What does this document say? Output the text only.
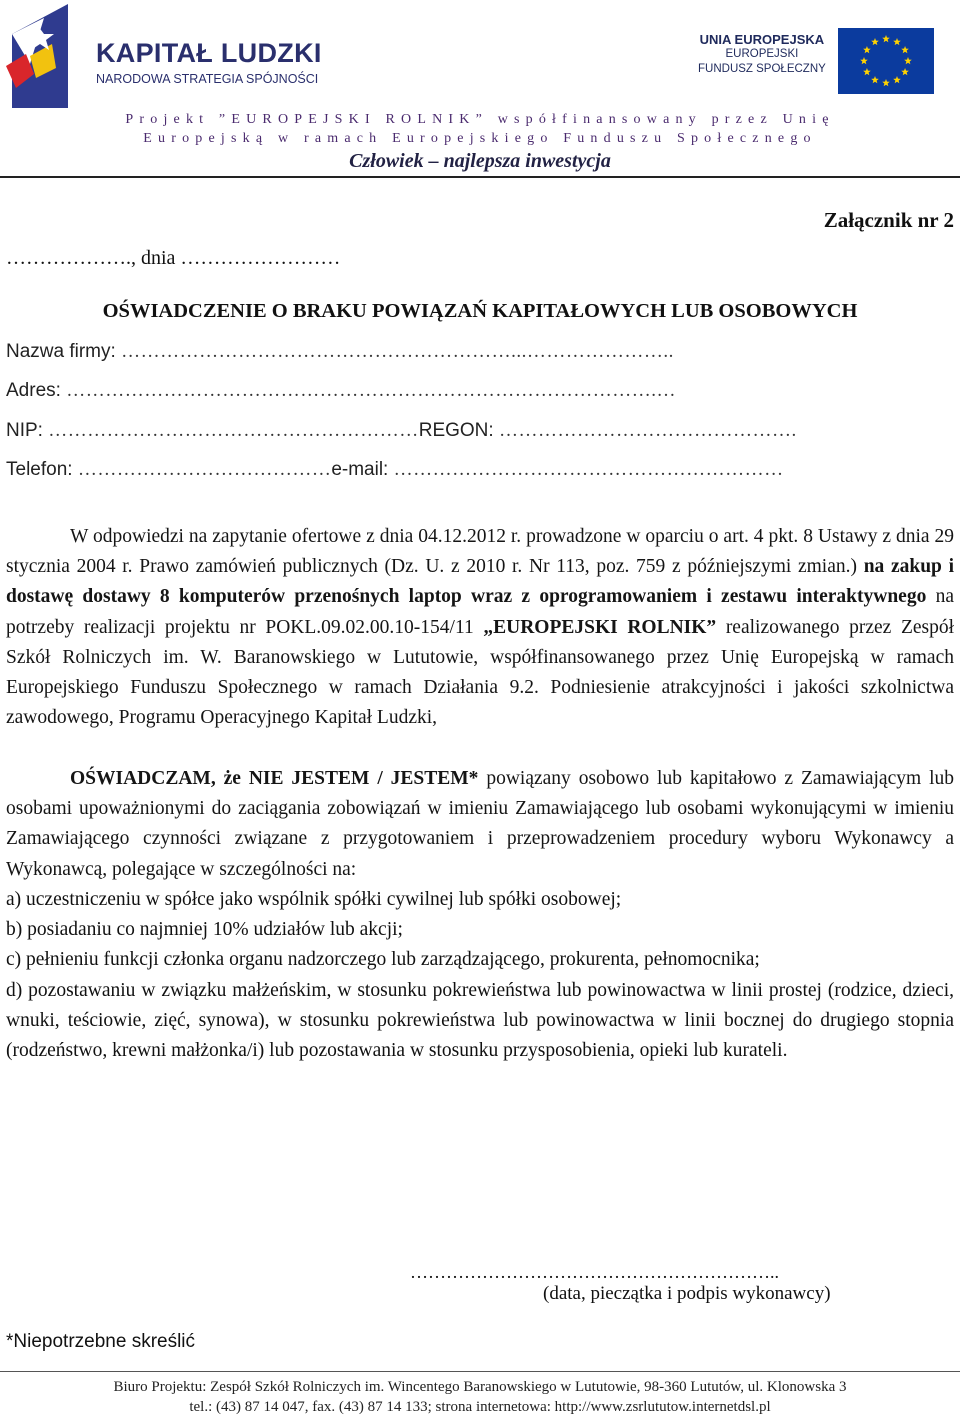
KAPITAŁ LUDZKI
NARODOWA STRATEGIA SPÓJNOŚCI
UNIA EUROPEJSKA
EUROPEJSKI
FUNDUSZ SPOŁECZNY
Projekt ”EUROPEJSKI ROLNIK” współfinansowany przez Unię
Europejską w ramach Europejskiego Funduszu Społecznego
Człowiek – najlepsza inwestycja
Załącznik nr 2
………………., dnia ……………………
OŚWIADCZENIE O BRAKU POWIĄZAŃ KAPITAŁOWYCH LUB OSOBOWYCH
Nazwa firmy: ……………………………………………………...…………………..
Adres: ……………………………………………………………………………….…
NIP: …………………………………………………REGON: ……………………………………….
Telefon: …………………………………e-mail: ……………………………………………………
W odpowiedzi na zapytanie ofertowe z dnia 04.12.2012 r. prowadzone w oparciu o art. 4 pkt. 8 Ustawy z dnia 29 stycznia 2004 r. Prawo zamówień publicznych (Dz. U. z 2010 r. Nr 113, poz. 759 z późniejszymi zmian.) na zakup i dostawę dostawy 8 komputerów przenośnych laptop wraz z oprogramowaniem i zestawu interaktywnego na potrzeby realizacji projektu nr POKL.09.02.00.10-154/11 „EUROPEJSKI ROLNIK” realizowanego przez Zespół Szkół Rolniczych im. W. Baranowskiego w Lututowie, współfinansowanego przez Unię Europejską w ramach Europejskiego Funduszu Społecznego w ramach Działania 9.2. Podniesienie atrakcyjności i jakości szkolnictwa zawodowego, Programu Operacyjnego Kapitał Ludzki,
OŚWIADCZAM, że NIE JESTEM / JESTEM* powiązany osobowo lub kapitałowo z Zamawiającym lub osobami upoważnionymi do zaciągania zobowiązań w imieniu Zamawiającego lub osobami wykonującymi w imieniu Zamawiającego czynności związane z przygotowaniem i przeprowadzeniem procedury wyboru Wykonawcy a Wykonawcą, polegające w szczególności na:
a) uczestniczeniu w spółce jako wspólnik spółki cywilnej lub spółki osobowej;
b) posiadaniu co najmniej 10% udziałów lub akcji;
c) pełnieniu funkcji członka organu nadzorczego lub zarządzającego, prokurenta, pełnomocnika;
d) pozostawaniu w związku małżeńskim, w stosunku pokrewieństwa lub powinowactwa w linii prostej (rodzice, dzieci, wnuki, teściowie, zięć, synowa), w stosunku pokrewieństwa lub powinowactwa w linii bocznej do drugiego stopnia (rodzeństwo, krewni małżonka/i) lub pozostawania w stosunku przysposobienia, opieki lub kurateli.
……………………………………………………..
(data, pieczątka i podpis wykonawcy)
*Niepotrzebne skreślić
Biuro Projektu: Zespół Szkół Rolniczych im. Wincentego Baranowskiego w Lututowie, 98-360 Lututów, ul. Klonowska 3
tel.: (43) 87 14 047, fax. (43) 87 14 133; strona internetowa: http://www.zsrlututow.internetdsl.pl
